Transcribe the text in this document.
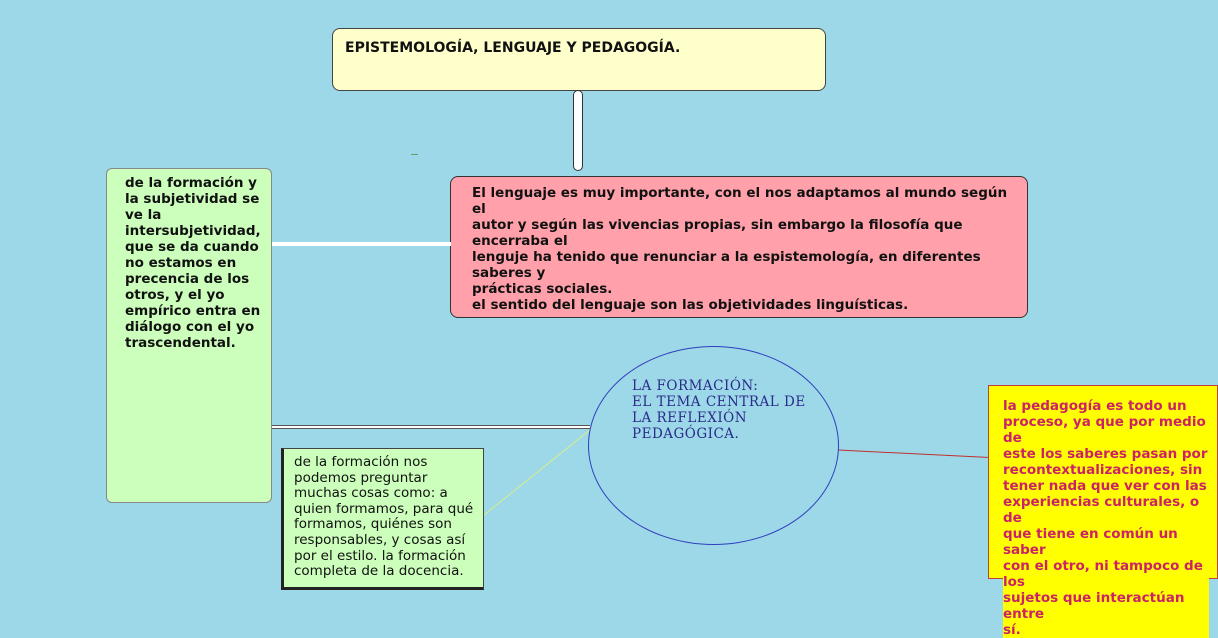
EPISTEMOLOGÍA, LENGUAJE Y PEDAGOGÍA.

El lenguaje es muy importante, con el nos adaptamos al mundo según el
autor y según las vivencias propias, sin embargo la filosofía que encerraba el
lenguje ha tenido que renunciar a la espistemología, en diferentes saberes y
prácticas sociales.
el sentido del lenguaje son las objetividades linguísticas.

de la formación y
la subjetividad se
ve la
intersubjetividad,
que se da cuando
no estamos en
precencia de los
otros, y el yo
empírico entra en
diálogo con el yo
trascendental.

de la formación nos
podemos preguntar
muchas cosas como: a
quien formamos, para qué
formamos, quiénes son
responsables, y cosas así
por el estilo. la formación
completa de la docencia.

LA FORMACIÓN:
EL TEMA CENTRAL DE
LA REFLEXIÓN
PEDAGÓGICA.

la pedagogía es todo un
proceso, ya que por medio de
este los saberes pasan por
recontextualizaciones, sin
tener nada que ver con las
experiencias culturales, o de
que tiene en común un saber
con el otro, ni tampoco de los
sujetos que interactúan entre
sí.
